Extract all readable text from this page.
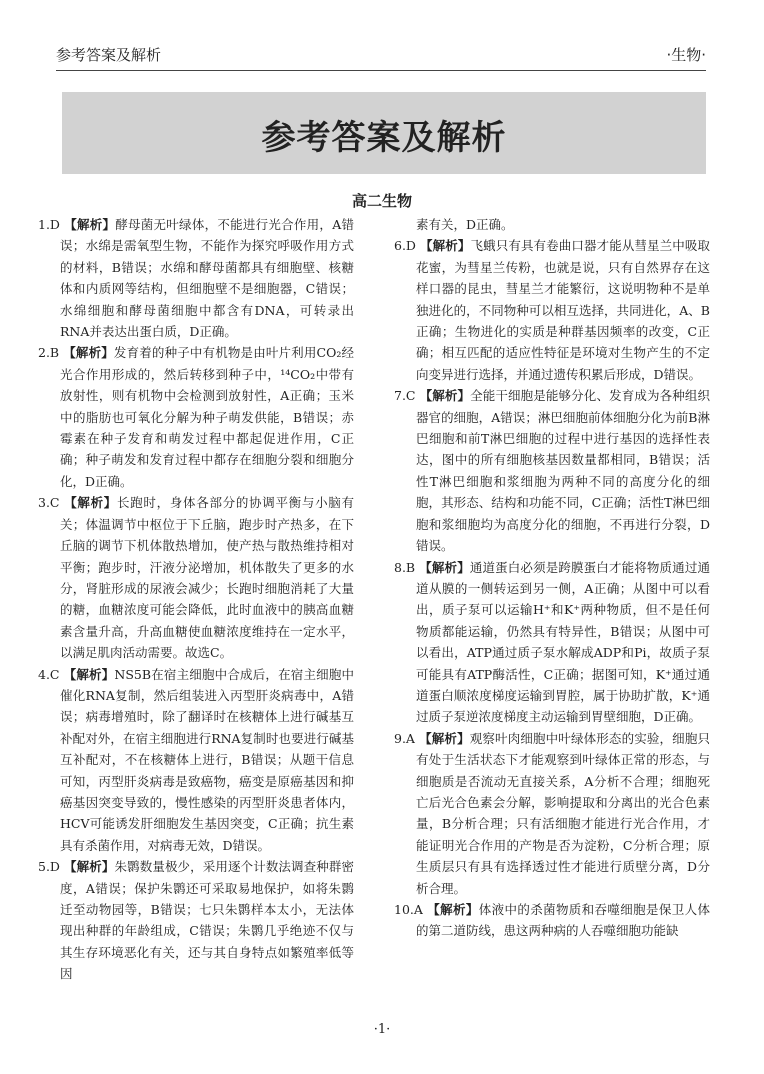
参考答案及解析	·生物·
参考答案及解析
高二生物
1.D 【解析】酵母菌无叶绿体，不能进行光合作用，A错误；水绵是需氧型生物，不能作为探究呼吸作用方式的材料，B错误；水绵和酵母菌都具有细胞壁、核糖体和内质网等结构，但细胞壁不是细胞器，C错误；水绵细胞和酵母菌细胞中都含有DNA，可转录出RNA并表达出蛋白质，D正确。
2.B 【解析】发育着的种子中有机物是由叶片利用CO₂经光合作用形成的，然后转移到种子中，¹⁴CO₂中带有放射性，则有机物中会检测到放射性，A正确；玉米中的脂肪也可氧化分解为种子萌发供能，B错误；赤霉素在种子发育和萌发过程中都起促进作用，C正确；种子萌发和发育过程中都存在细胞分裂和细胞分化，D正确。
3.C 【解析】长跑时，身体各部分的协调平衡与小脑有关；体温调节中枢位于下丘脑，跑步时产热多，在下丘脑的调节下机体散热增加，使产热与散热维持相对平衡；跑步时，汗液分泌增加，机体散失了更多的水分，肾脏形成的尿液会减少；长跑时细胞消耗了大量的糖，血糖浓度可能会降低，此时血液中的胰高血糖素含量升高，升高血糖使血糖浓度维持在一定水平，以满足肌肉活动需要。故选C。
4.C 【解析】NS5B在宿主细胞中合成后，在宿主细胞中催化RNA复制，然后组装进入丙型肝炎病毒中，A错误；病毒增殖时，除了翻译时在核糖体上进行碱基互补配对外，在宿主细胞进行RNA复制时也要进行碱基互补配对，不在核糖体上进行，B错误；从题干信息可知，丙型肝炎病毒是致癌物，癌变是原癌基因和抑癌基因突变导致的，慢性感染的丙型肝炎患者体内，HCV可能诱发肝细胞发生基因突变，C正确；抗生素具有杀菌作用，对病毒无效，D错误。
5.D 【解析】朱鹮数量极少，采用逐个计数法调查种群密度，A错误；保护朱鹮还可采取易地保护，如将朱鹮迁至动物园等，B错误；七只朱鹮样本太小，无法体现出种群的年龄组成，C错误；朱鹮几乎绝迹不仅与其生存环境恶化有关，还与其自身特点如繁殖率低等因
素有关，D正确。
6.D 【解析】飞蛾只有具有卷曲口器才能从彗星兰中吸取花蜜，为彗星兰传粉，也就是说，只有自然界存在这样口器的昆虫，彗星兰才能繁衍，这说明物种不是单独进化的，不同物种可以相互选择，共同进化，A、B正确；生物进化的实质是种群基因频率的改变，C正确；相互匹配的适应性特征是环境对生物产生的不定向变异进行选择，并通过遗传积累后形成，D错误。
7.C 【解析】全能干细胞是能够分化、发育成为各种组织器官的细胞，A错误；淋巴细胞前体细胞分化为前B淋巴细胞和前T淋巴细胞的过程中进行基因的选择性表达，图中的所有细胞核基因数量都相同，B错误；活性T淋巴细胞和浆细胞为两种不同的高度分化的细胞，其形态、结构和功能不同，C正确；活性T淋巴细胞和浆细胞均为高度分化的细胞，不再进行分裂，D错误。
8.B 【解析】通道蛋白必须是跨膜蛋白才能将物质通过通道从膜的一侧转运到另一侧，A正确；从图中可以看出，质子泵可以运输H⁺和K⁺两种物质，但不是任何物质都能运输，仍然具有特异性，B错误；从图中可以看出，ATP通过质子泵水解成ADP和Pi，故质子泵可能具有ATP酶活性，C正确；据图可知，K⁺通过通道蛋白顺浓度梯度运输到胃腔，属于协助扩散，K⁺通过质子泵逆浓度梯度主动运输到胃壁细胞，D正确。
9.A 【解析】观察叶肉细胞中叶绿体形态的实验，细胞只有处于生活状态下才能观察到叶绿体正常的形态，与细胞质是否流动无直接关系，A分析不合理；细胞死亡后光合色素会分解，影响提取和分离出的光合色素量，B分析合理；只有活细胞才能进行光合作用，才能证明光合作用的产物是否为淀粉，C分析合理；原生质层只有具有选择透过性才能进行质壁分离，D分析合理。
10.A 【解析】体液中的杀菌物质和吞噬细胞是保卫人体的第二道防线，患这两种病的人吞噬细胞功能缺
·1·
